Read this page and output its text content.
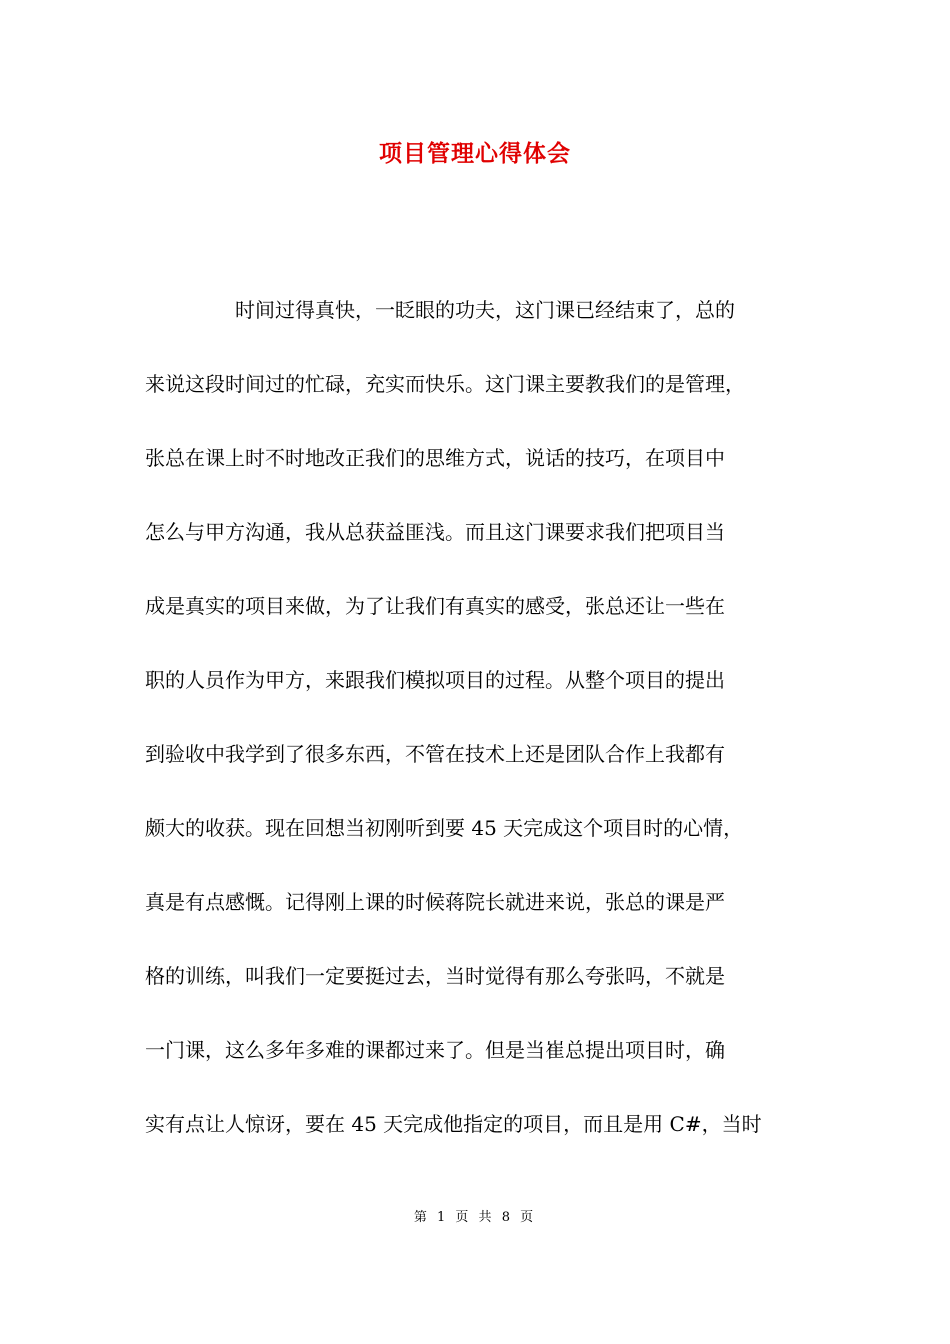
项目管理心得体会
时间过得真快，一眨眼的功夫，这门课已经结束了，总的
来说这段时间过的忙碌，充实而快乐。这门课主要教我们的是管理，
张总在课上时不时地改正我们的思维方式，说话的技巧，在项目中
怎么与甲方沟通，我从总获益匪浅。而且这门课要求我们把项目当
成是真实的项目来做，为了让我们有真实的感受，张总还让一些在
职的人员作为甲方，来跟我们模拟项目的过程。从整个项目的提出
到验收中我学到了很多东西，不管在技术上还是团队合作上我都有
颇大的收获。现在回想当初刚听到要 45 天完成这个项目时的心情，
真是有点感慨。记得刚上课的时候蒋院长就进来说，张总的课是严
格的训练，叫我们一定要挺过去，当时觉得有那么夸张吗，不就是
一门课，这么多年多难的课都过来了。但是当崔总提出项目时，确
实有点让人惊讶，要在 45 天完成他指定的项目，而且是用 C#，当时
第 1 页 共 8 页
